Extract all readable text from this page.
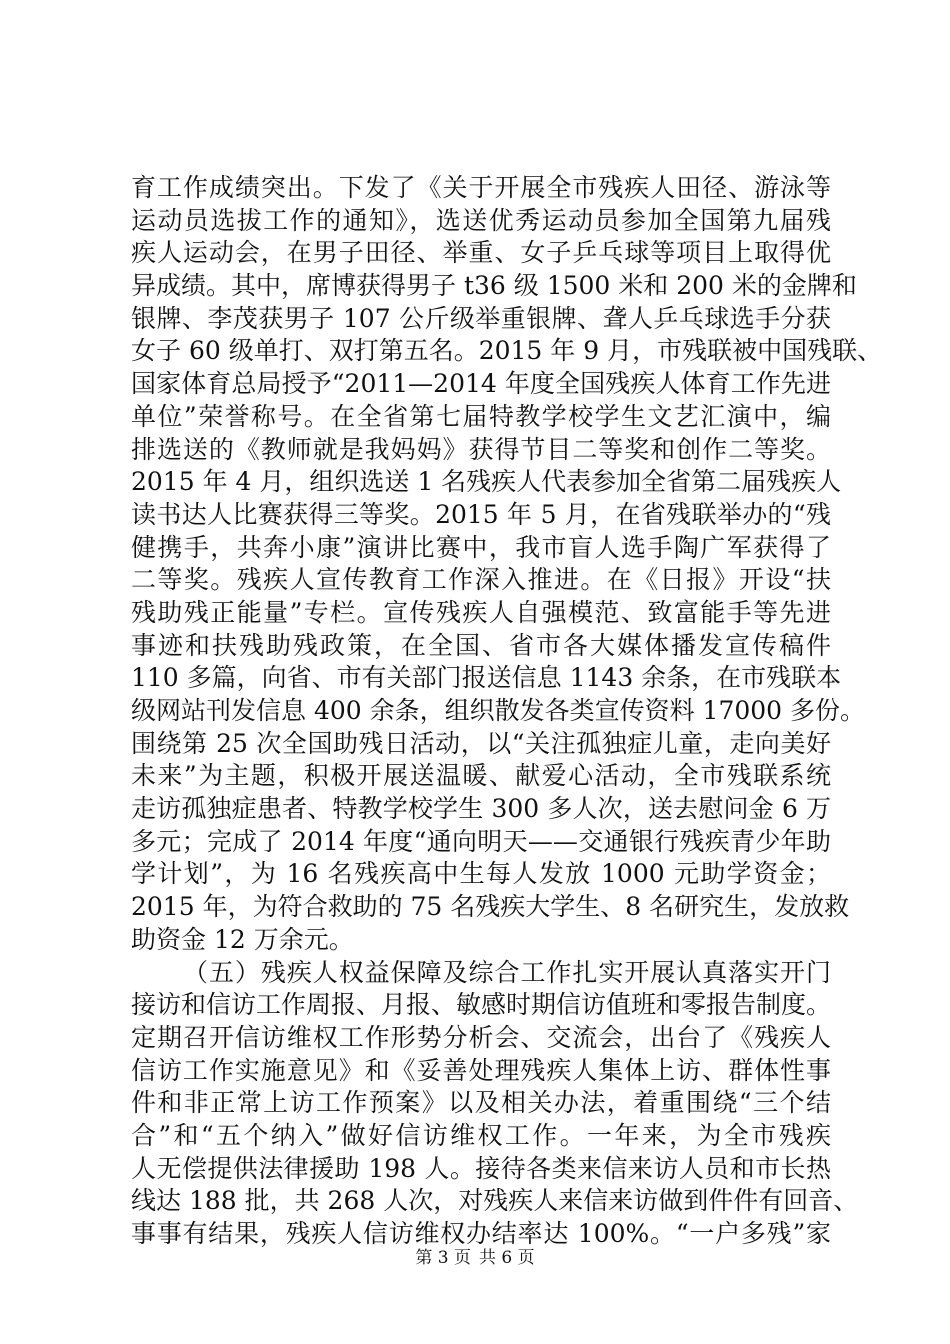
育工作成绩突出。下发了《关于开展全市残疾人田径、游泳等
运动员选拔工作的通知》，选送优秀运动员参加全国第九届残
疾人运动会，在男子田径、举重、女子乒乓球等项目上取得优
异成绩。其中，席博获得男子 t36 级 1500 米和 200 米的金牌和
银牌、李茂获男子 107 公斤级举重银牌、聋人乒乓球选手分获
女子 60 级单打、双打第五名。2015 年 9 月，市残联被中国残联、
国家体育总局授予“2011—2014 年度全国残疾人体育工作先进
单位”荣誉称号。在全省第七届特教学校学生文艺汇演中，编
排选送的《教师就是我妈妈》获得节目二等奖和创作二等奖。
2015 年 4 月，组织选送 1 名残疾人代表参加全省第二届残疾人
读书达人比赛获得三等奖。2015 年 5 月，在省残联举办的“残
健携手，共奔小康”演讲比赛中，我市盲人选手陶广军获得了
二等奖。残疾人宣传教育工作深入推进。在《日报》开设“扶
残助残正能量”专栏。宣传残疾人自强模范、致富能手等先进
事迹和扶残助残政策，在全国、省市各大媒体播发宣传稿件
110 多篇，向省、市有关部门报送信息 1143 余条，在市残联本
级网站刊发信息 400 余条，组织散发各类宣传资料 17000 多份。
围绕第 25 次全国助残日活动，以“关注孤独症儿童，走向美好
未来”为主题，积极开展送温暖、献爱心活动，全市残联系统
走访孤独症患者、特教学校学生 300 多人次，送去慰问金 6 万
多元；完成了 2014 年度“通向明天——交通银行残疾青少年助
学计划”，为 16 名残疾高中生每人发放 1000 元助学资金；
2015 年，为符合救助的 75 名残疾大学生、8 名研究生，发放救
助资金 12 万余元。
（五）残疾人权益保障及综合工作扎实开展认真落实开门
接访和信访工作周报、月报、敏感时期信访值班和零报告制度。
定期召开信访维权工作形势分析会、交流会，出台了《残疾人
信访工作实施意见》和《妥善处理残疾人集体上访、群体性事
件和非正常上访工作预案》以及相关办法，着重围绕“三个结
合”和“五个纳入”做好信访维权工作。一年来，为全市残疾
人无偿提供法律援助 198 人。接待各类来信来访人员和市长热
线达 188 批，共 268 人次，对残疾人来信来访做到件件有回音、
事事有结果，残疾人信访维权办结率达 100%。“一户多残”家
第 3 页 共 6 页
